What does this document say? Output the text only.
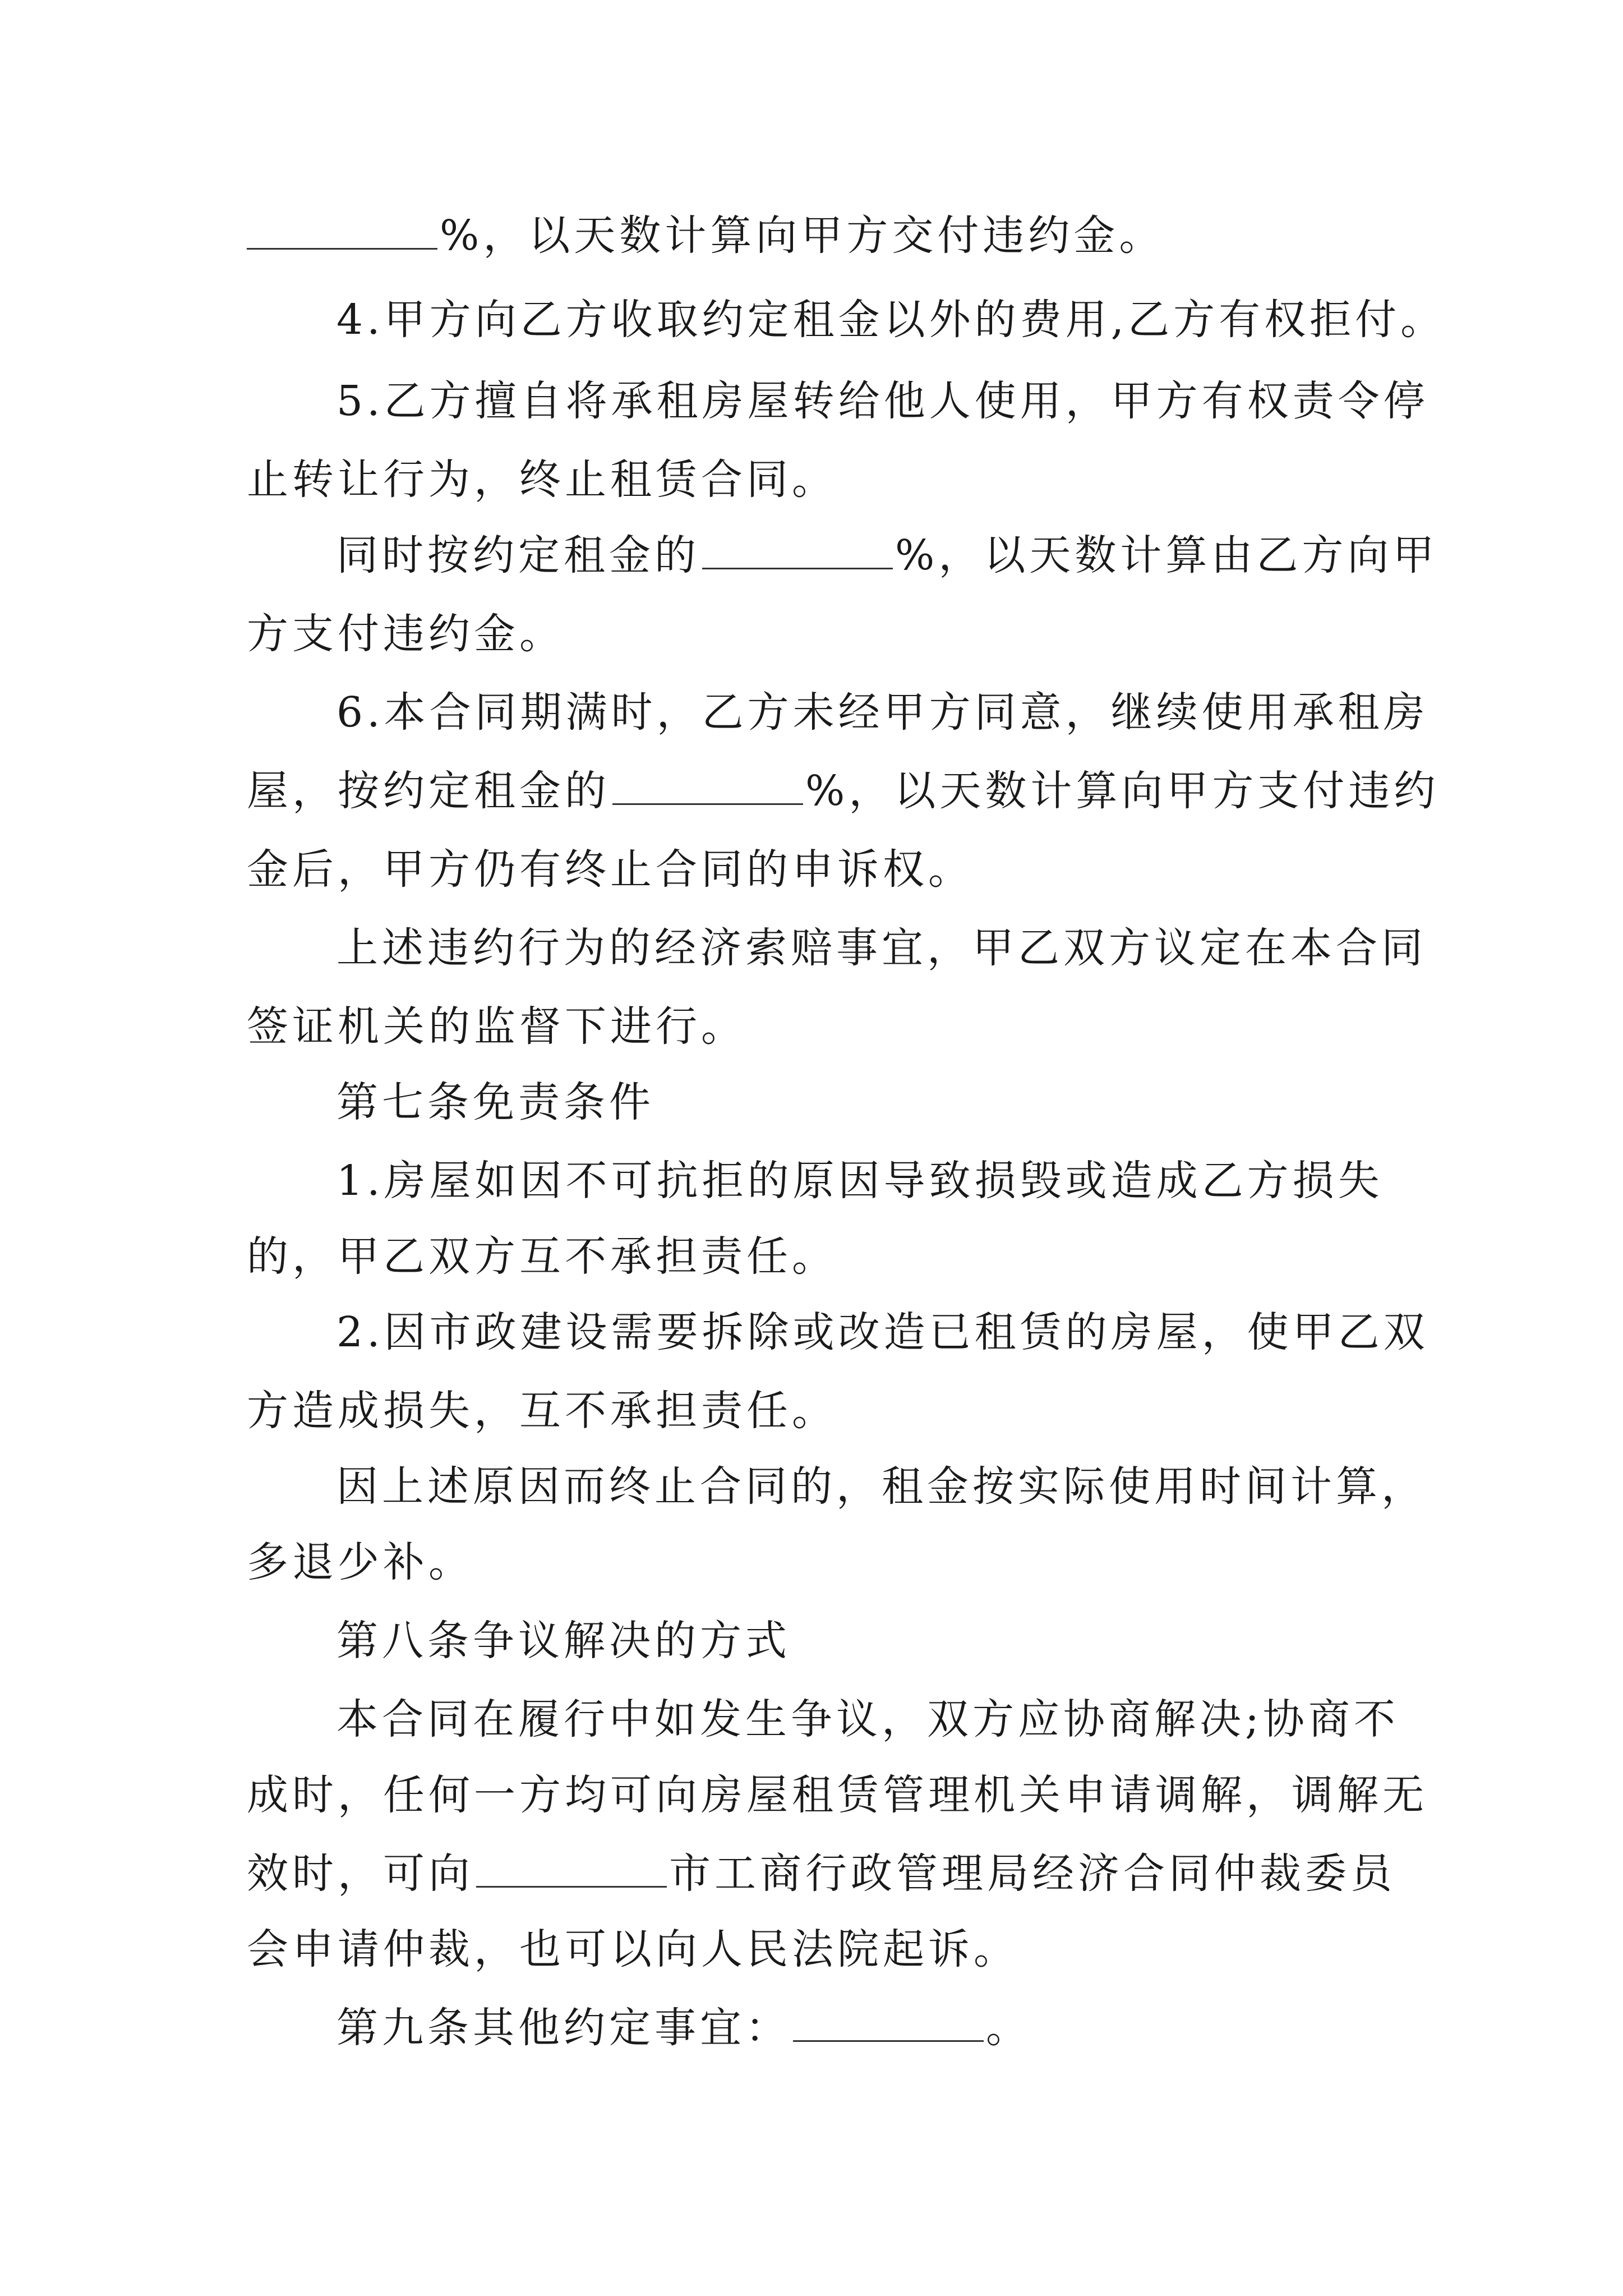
%，以天数计算向甲方交付违约金。
4.甲方向乙方收取约定租金以外的费用,乙方有权拒付。
5.乙方擅自将承租房屋转给他人使用，甲方有权责令停
止转让行为，终止租赁合同。
同时按约定租金的	%，以天数计算由乙方向甲
方支付违约金。
6.本合同期满时，乙方未经甲方同意，继续使用承租房
屋，按约定租金的	%，以天数计算向甲方支付违约
金后，甲方仍有终止合同的申诉权。
上述违约行为的经济索赔事宜，甲乙双方议定在本合同
签证机关的监督下进行。
第七条免责条件
1.房屋如因不可抗拒的原因导致损毁或造成乙方损失
的，甲乙双方互不承担责任。
2.因市政建设需要拆除或改造已租赁的房屋，使甲乙双
方造成损失，互不承担责任。
因上述原因而终止合同的，租金按实际使用时间计算，
多退少补。
第八条争议解决的方式
本合同在履行中如发生争议，双方应协商解决;协商不
成时，任何一方均可向房屋租赁管理机关申请调解，调解无
效时，可向	市工商行政管理局经济合同仲裁委员
会申请仲裁，也可以向人民法院起诉。
第九条其他约定事宜：	。
